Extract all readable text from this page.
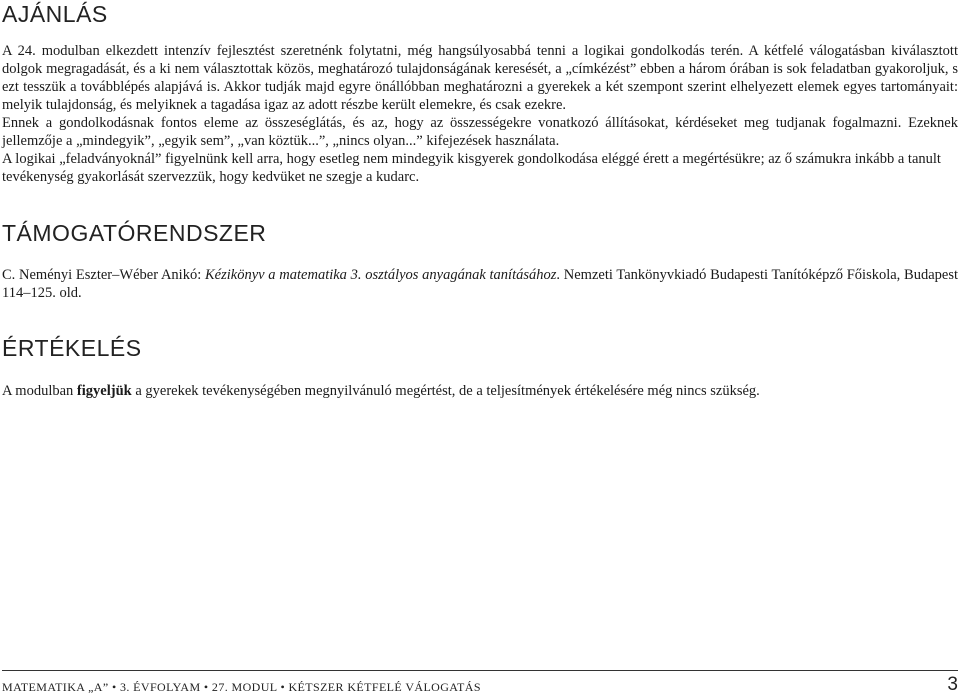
AJÁNLÁS

A 24. modulban elkezdett intenzív fejlesztést szeretnénk folytatni, még hangsúlyosabbá tenni a logikai gondolkodás terén. A kétfelé válogatásban kiválasztott dolgok megragadását, és a ki nem választottak közös, meghatározó tulajdonságának keresését, a „címkézést” ebben a három órában is sok feladatban gyakoroljuk, s ezt tesszük a továbblépés alapjává is. Akkor tudják majd egyre önállóbban meghatározni a gyerekek a két szempont szerint elhelyezett elemek egyes tartományait: melyik tulajdonság, és melyiknek a tagadása igaz az adott részbe került elemekre, és csak ezekre.

Ennek a gondolkodásnak fontos eleme az összeséglátás, és az, hogy az összességekre vonatkozó állításokat, kérdéseket meg tudjanak fogalmazni. Ezeknek jellemzője a „mindegyik”, „egyik sem”, „van köztük...”, „nincs olyan...” kifejezések használata.

A logikai „feladványoknál” figyelnünk kell arra, hogy esetleg nem mindegyik kisgyerek gondolkodása eléggé érett a megértésükre; az ő számukra inkább a tanult tevékenység gyakorlását szervezzük, hogy kedvüket ne szegje a kudarc.

TÁMOGATÓRENDSZER

C. Neményi Eszter–Wéber Anikó: Kézikönyv a matematika 3. osztályos anyagának tanításához. Nemzeti Tankönyvkiadó Budapesti Tanítóképző Főiskola, Budapest 114–125. old.

ÉRTÉKELÉS

A modulban figyeljük a gyerekek tevékenységében megnyilvánuló megértést, de a teljesítmények értékelésére még nincs szükség.

MATEMATIKA „A” • 3. ÉVFOLYAM • 27. MODUL • KÉTSZER KÉTFELÉ VÁLOGATÁS	3
